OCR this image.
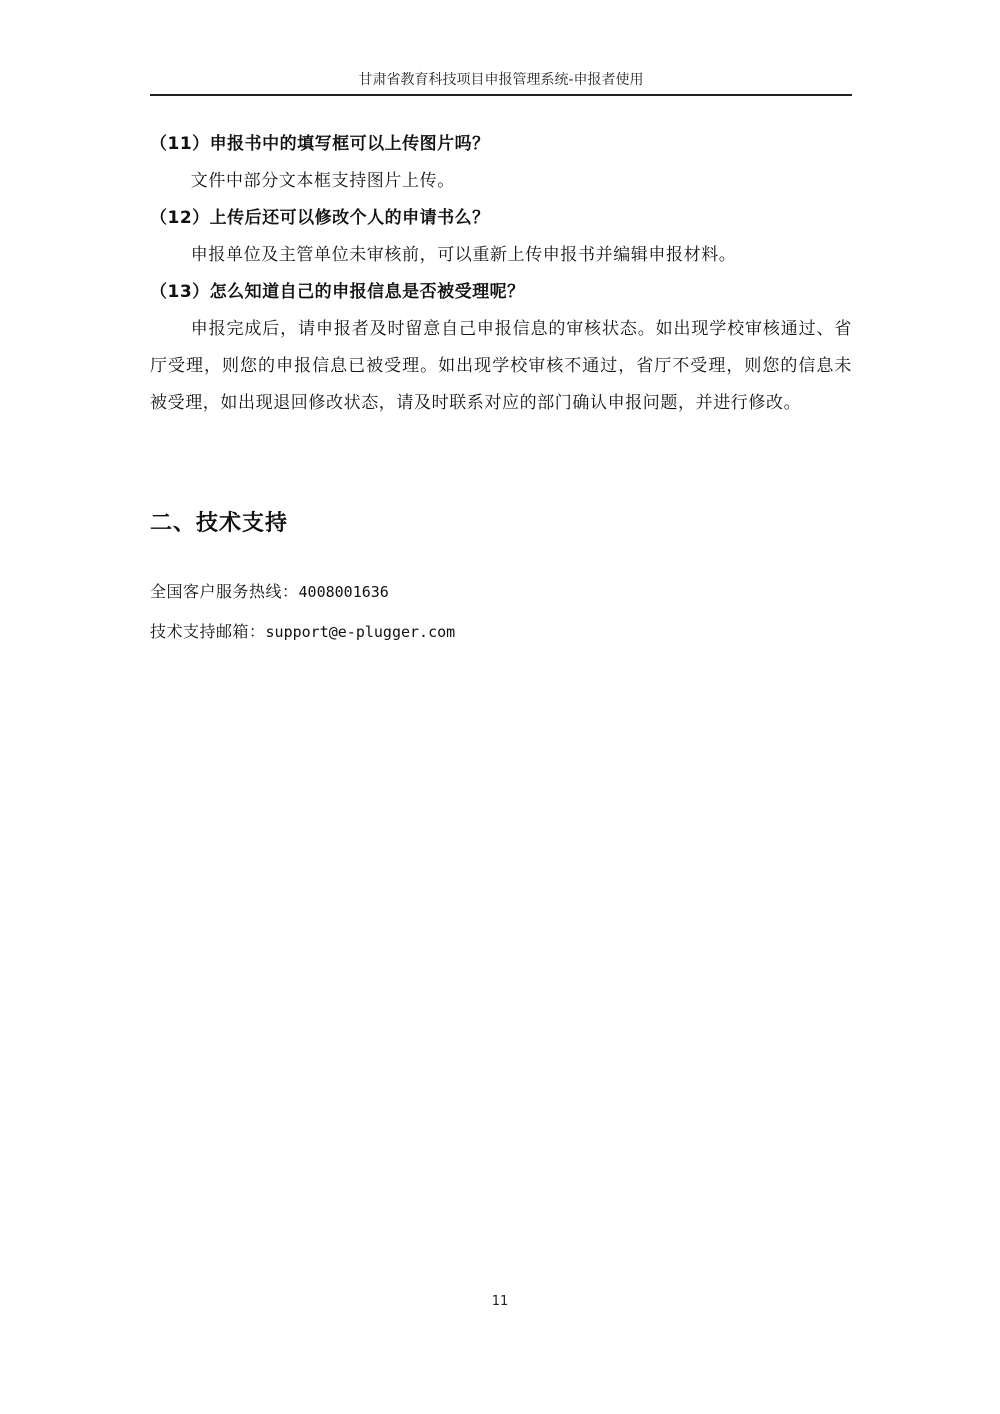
甘肃省教育科技项目申报管理系统-申报者使用

（11）申报书中的填写框可以上传图片吗？

文件中部分文本框支持图片上传。

（12）上传后还可以修改个人的申请书么？

申报单位及主管单位未审核前，可以重新上传申报书并编辑申报材料。

（13）怎么知道自己的申报信息是否被受理呢？

申报完成后，请申报者及时留意自己申报信息的审核状态。如出现学校审核通过、省厅受理，则您的申报信息已被受理。如出现学校审核不通过，省厅不受理，则您的信息未被受理，如出现退回修改状态，请及时联系对应的部门确认申报问题，并进行修改。

二、技术支持

全国客户服务热线：4008001636

技术支持邮箱：support@e-plugger.com

11
